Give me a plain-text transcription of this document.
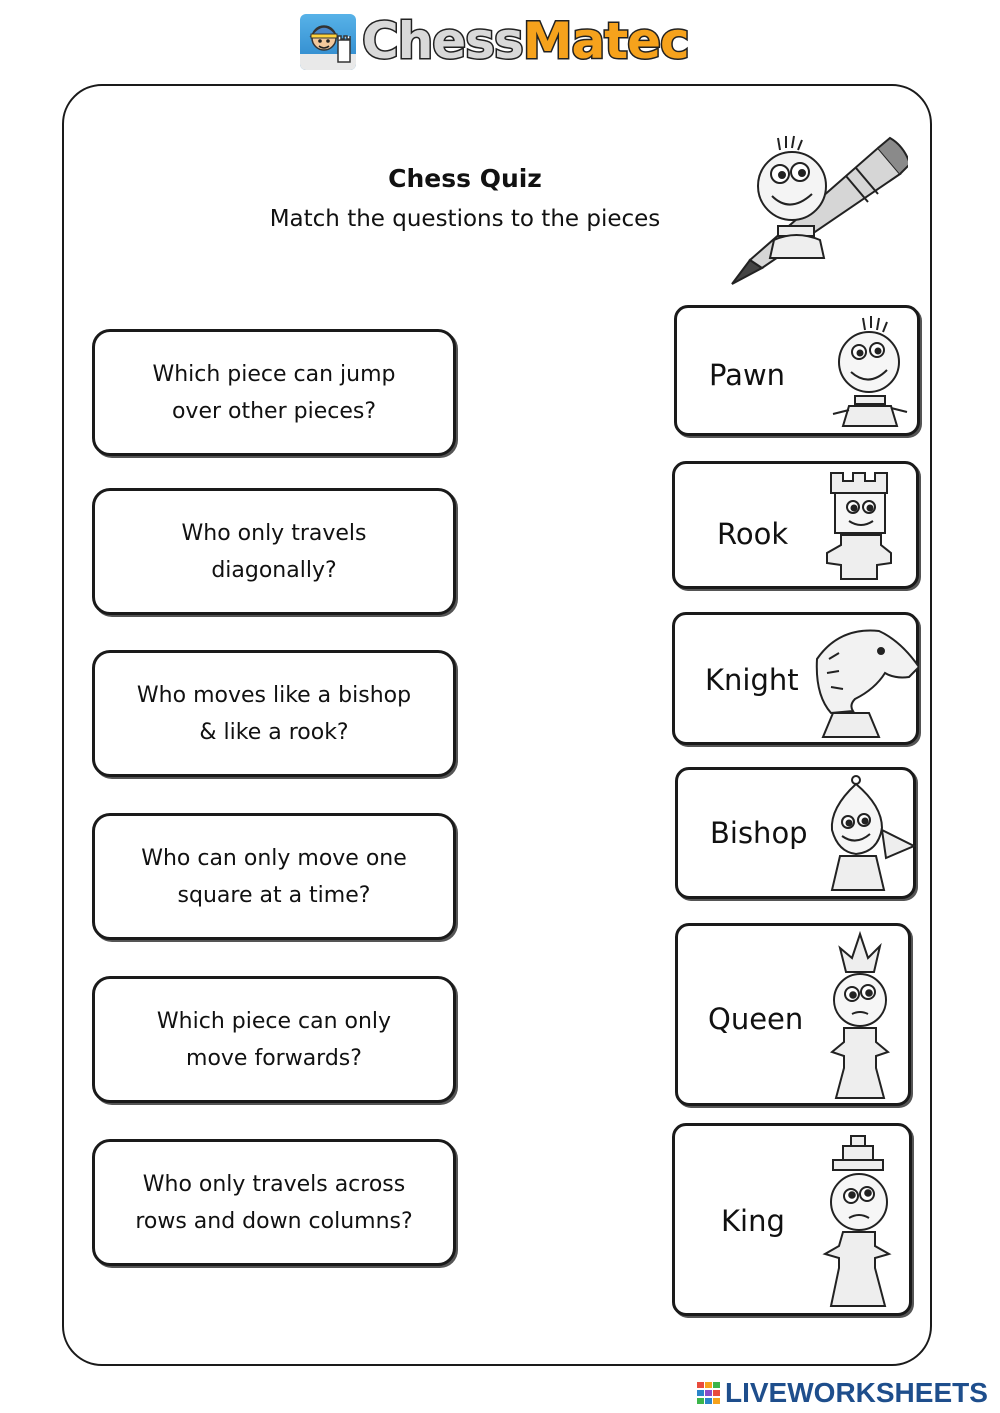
ChessMatec
Chess Quiz
Match the questions to the pieces
Which piece can jump
over other pieces?
Who only travels
diagonally?
Who moves like a bishop
& like a rook?
Who can only move one
square at a time?
Which piece can only
move forwards?
Who only travels across
rows and down columns?
Pawn
Rook
Knight
Bishop
Queen
King
LIVEWORKSHEETS
